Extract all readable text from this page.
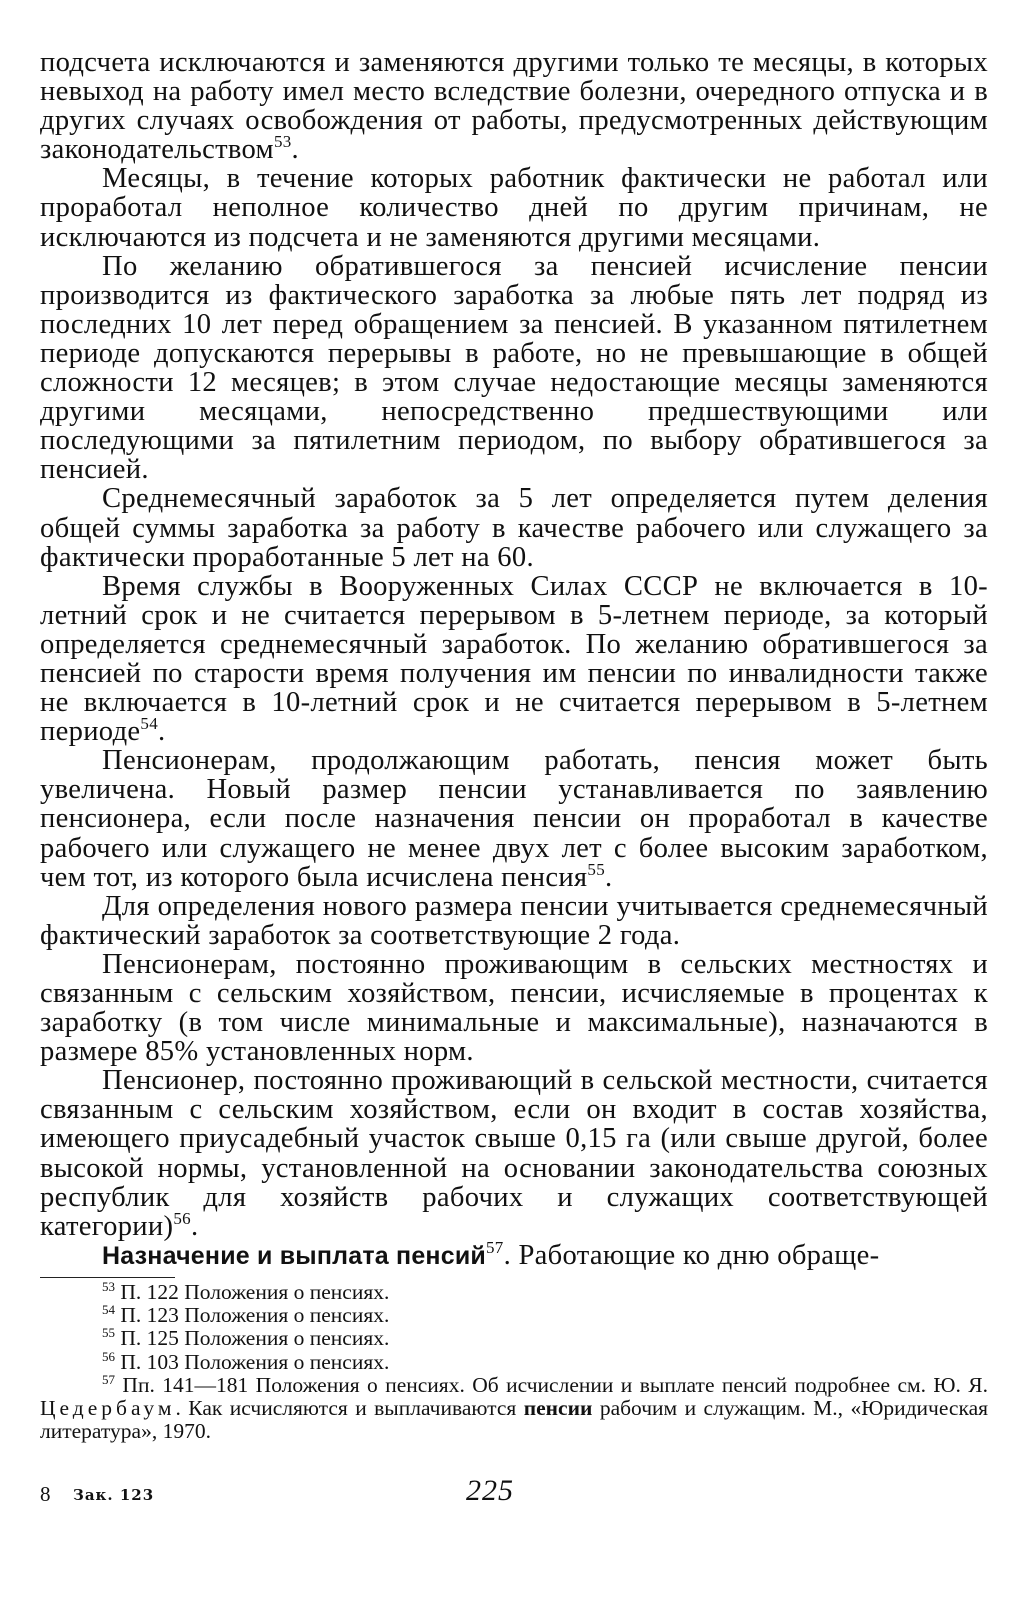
подсчета исключаются и заменяются другими только те месяцы, в которых невыход на работу имел место вследствие болезни, очередного отпуска и в других случаях освобождения от работы, предусмотренных действующим законодательством$^{53}$.

Месяцы, в течение которых работник фактически не работал или проработал неполное количество дней по другим причинам, не исключаются из подсчета и не заменяются другими месяцами.

По желанию обратившегося за пенсией исчисление пенсии производится из фактического заработка за любые пять лет подряд из последних 10 лет перед обращением за пенсией. В указанном пятилетнем периоде допускаются перерывы в работе, но не превышающие в общей сложности 12 месяцев; в этом случае недостающие месяцы заменяются другими месяцами, непосредственно предшествующими или последующими за пятилетним периодом, по выбору обратившегося за пенсией.

Среднемесячный заработок за 5 лет определяется путем деления общей суммы заработка за работу в качестве рабочего или служащего за фактически проработанные 5 лет на 60.

Время службы в Вооруженных Силах СССР не включается в 10-летний срок и не считается перерывом в 5-летнем периоде, за который определяется среднемесячный заработок. По желанию обратившегося за пенсией по старости время получения им пенсии по инвалидности также не включается в 10-летний срок и не считается перерывом в 5-летнем периоде$^{54}$.

Пенсионерам, продолжающим работать, пенсия может быть увеличена. Новый размер пенсии устанавливается по заявлению пенсионера, если после назначения пенсии он проработал в качестве рабочего или служащего не менее двух лет с более высоким заработком, чем тот, из которого была исчислена пенсия$^{55}$.

Для определения нового размера пенсии учитывается среднемесячный фактический заработок за соответствующие 2 года.

Пенсионерам, постоянно проживающим в сельских местностях и связанным с сельским хозяйством, пенсии, исчисляемые в процентах к заработку (в том числе минимальные и максимальные), назначаются в размере 85% установленных норм.

Пенсионер, постоянно проживающий в сельской местности, считается связанным с сельским хозяйством, если он входит в состав хозяйства, имеющего приусадебный участок свыше 0,15 га (или свыше другой, более высокой нормы, установленной на основании законодательства союзных республик для хозяйств рабочих и служащих соответствующей категории)$^{56}$.

Назначение и выплата пенсий$^{57}$. Работающие ко дню обраще-

$^{53}$ П. 122 Положения о пенсиях.

$^{54}$ П. 123 Положения о пенсиях.

$^{55}$ П. 125 Положения о пенсиях.

$^{56}$ П. 103 Положения о пенсиях.

$^{57}$ Пп. 141—181 Положения о пенсиях. Об исчислении и выплате пенсий подробнее см. Ю. Я. Цедербаум. Как исчисляются и выплачиваются пенсии рабочим и служащим. М., «Юридическая литература», 1970.

8 Зак. 123	225
